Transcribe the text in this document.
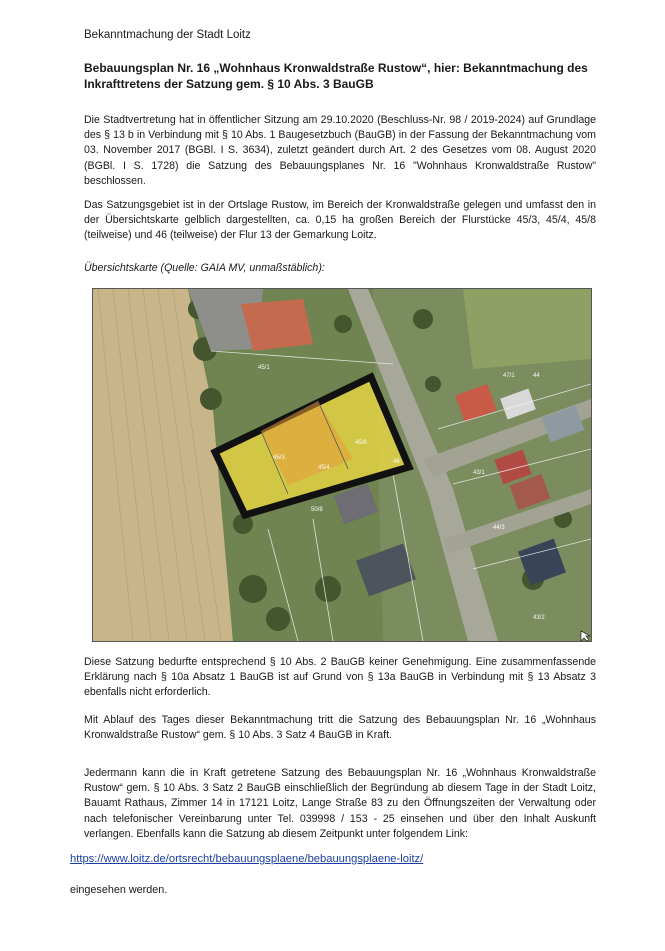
Bekanntmachung der Stadt Loitz
Bebauungsplan Nr. 16 „Wohnhaus Kronwaldstraße Rustow“, hier: Bekanntmachung des Inkrafttretens der Satzung gem. § 10 Abs. 3 BauGB
Die Stadtvertretung hat in öffentlicher Sitzung am 29.10.2020 (Beschluss-Nr. 98 / 2019-2024) auf Grundlage des § 13 b in Verbindung mit § 10 Abs. 1 Baugesetzbuch (BauGB) in der Fassung der Bekanntmachung vom 03. November 2017 (BGBl. I S. 3634), zuletzt geändert durch Art. 2 des Gesetzes vom 08. August 2020 (BGBl. I S. 1728) die Satzung des Bebauungsplanes Nr. 16 "Wohnhaus Kronwaldstraße Rustow" beschlossen.
Das Satzungsgebiet ist in der Ortslage Rustow, im Bereich der Kronwaldstraße gelegen und umfasst den in der Übersichtskarte gelblich dargestellten, ca. 0,15 ha großen Bereich der Flurstücke 45/3, 45/4, 45/8 (teilweise) und 46 (teilweise) der Flur 13 der Gemarkung Loitz.
Übersichtskarte (Quelle: GAIA MV, unmaßstäblich):
45/1
45/3
45/4
45/8
46
50/8
47/1	44
43/1
44/3
43/2
Diese Satzung bedurfte entsprechend § 10 Abs. 2 BauGB keiner Genehmigung. Eine zusammenfassende Erklärung nach § 10a Absatz 1 BauGB ist auf Grund von § 13a BauGB in Verbindung mit § 13 Absatz 3 ebenfalls nicht erforderlich.
Mit Ablauf des Tages dieser Bekanntmachung tritt die Satzung des Bebauungsplan Nr. 16 „Wohnhaus Kronwaldstraße Rustow“ gem. § 10 Abs. 3 Satz 4 BauGB in Kraft.
Jedermann kann die in Kraft getretene Satzung des Bebauungsplan Nr. 16 „Wohnhaus Kronwaldstraße Rustow“ gem. § 10 Abs. 3 Satz 2 BauGB einschließlich der Begründung ab diesem Tage in der Stadt Loitz, Bauamt Rathaus, Zimmer 14 in 17121 Loitz, Lange Straße 83 zu den Öffnungszeiten der Verwaltung oder nach telefonischer Vereinbarung unter Tel. 039998 / 153 - 25 einsehen und über den Inhalt Auskunft verlangen. Ebenfalls kann die Satzung ab diesem Zeitpunkt unter folgendem Link:
https://www.loitz.de/ortsrecht/bebauungsplaene/bebauungsplaene-loitz/
eingesehen werden.
